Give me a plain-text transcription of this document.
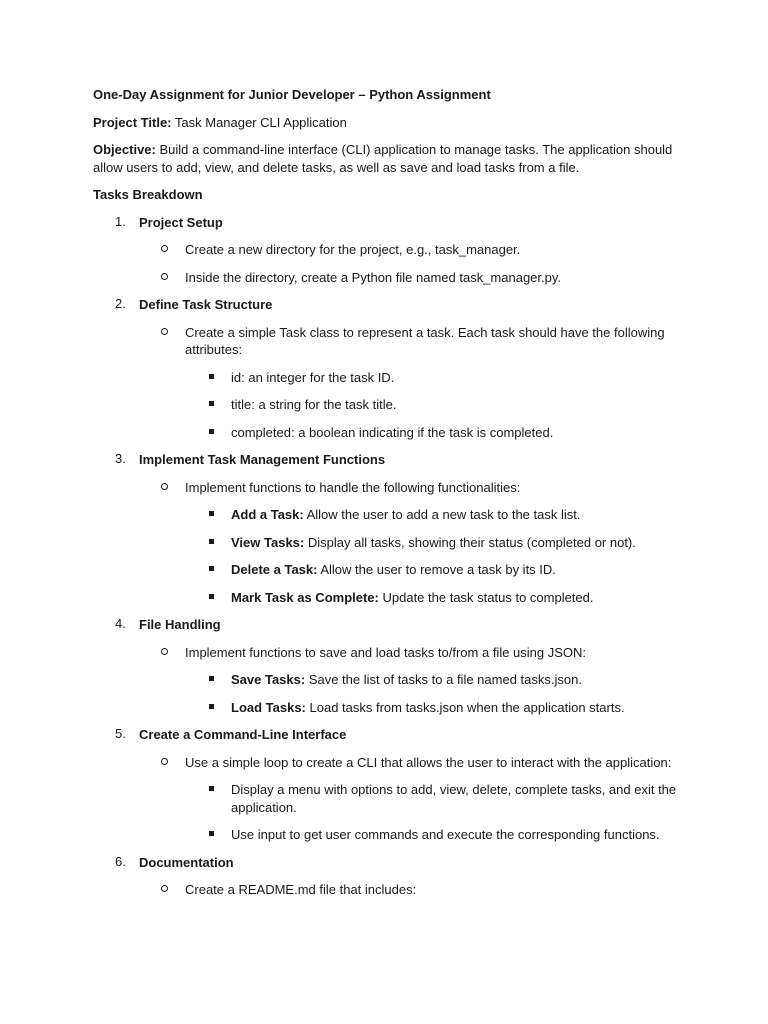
One-Day Assignment for Junior Developer – Python Assignment

Project Title: Task Manager CLI Application

Objective: Build a command-line interface (CLI) application to manage tasks. The application should allow users to add, view, and delete tasks, as well as save and load tasks from a file.

Tasks Breakdown

1.	Project Setup
Create a new directory for the project, e.g., task_manager.
Inside the directory, create a Python file named task_manager.py.
2.	Define Task Structure
Create a simple Task class to represent a task. Each task should have the following attributes:
id: an integer for the task ID.
title: a string for the task title.
completed: a boolean indicating if the task is completed.
3.	Implement Task Management Functions
Implement functions to handle the following functionalities:
Add a Task: Allow the user to add a new task to the task list.
View Tasks: Display all tasks, showing their status (completed or not).
Delete a Task: Allow the user to remove a task by its ID.
Mark Task as Complete: Update the task status to completed.
4.	File Handling
Implement functions to save and load tasks to/from a file using JSON:
Save Tasks: Save the list of tasks to a file named tasks.json.
Load Tasks: Load tasks from tasks.json when the application starts.
5.	Create a Command-Line Interface
Use a simple loop to create a CLI that allows the user to interact with the application:
Display a menu with options to add, view, delete, complete tasks, and exit the application.
Use input to get user commands and execute the corresponding functions.
6.	Documentation
Create a README.md file that includes:
